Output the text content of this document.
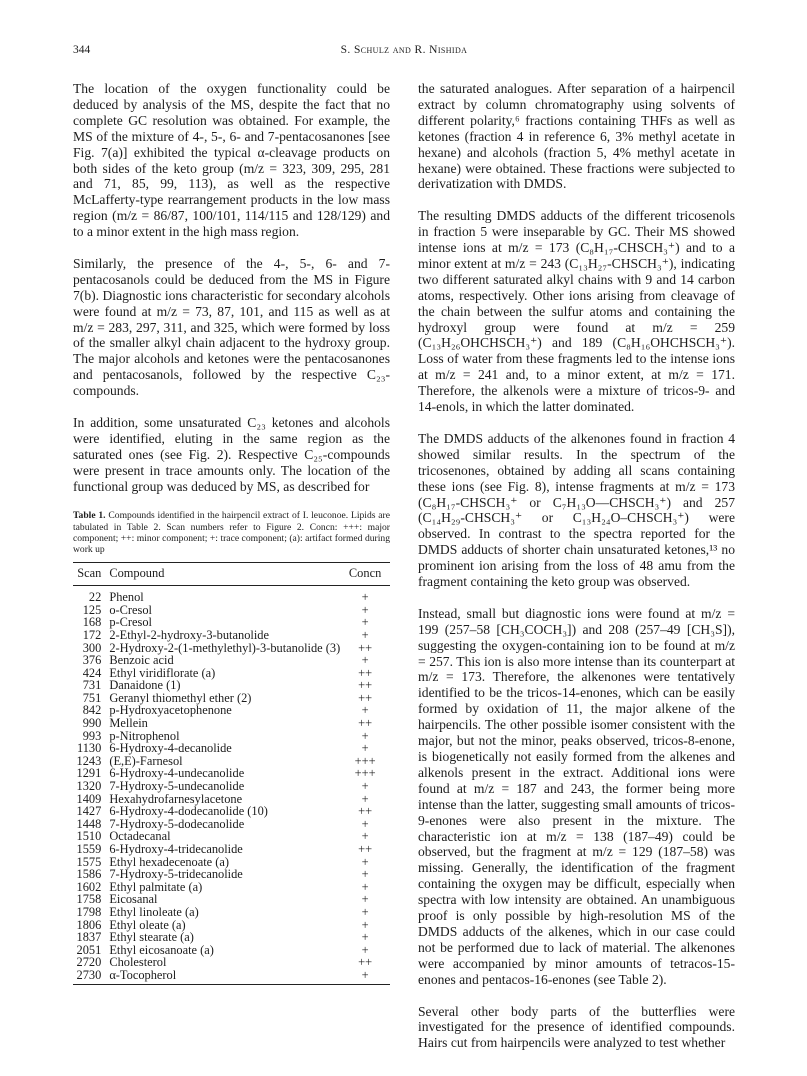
344	S. Schulz and R. Nishida

The location of the oxygen functionality could be deduced by analysis of the MS, despite the fact that no complete GC resolution was obtained. For example, the MS of the mixture of 4-, 5-, 6- and 7-pentacosanones [see Fig. 7(a)] exhibited the typical α-cleavage products on both sides of the keto group (m/z = 323, 309, 295, 281 and 71, 85, 99, 113), as well as the respective McLafferty-type rearrangement products in the low mass region (m/z = 86/87, 100/101, 114/115 and 128/129) and to a minor extent in the high mass region.

Similarly, the presence of the 4-, 5-, 6- and 7-pentacosanols could be deduced from the MS in Figure 7(b). Diagnostic ions characteristic for secondary alcohols were found at m/z = 73, 87, 101, and 115 as well as at m/z = 283, 297, 311, and 325, which were formed by loss of the smaller alkyl chain adjacent to the hydroxy group. The major alcohols and ketones were the pentacosanones and pentacosanols, followed by the respective C₂₃-compounds.

In addition, some unsaturated C₂₃ ketones and alcohols were identified, eluting in the same region as the saturated ones (see Fig. 2). Respective C₂₅-compounds were present in trace amounts only. The location of the functional group was deduced by MS, as described for

Table 1. Compounds identified in the hairpencil extract of I. leuconoe. Lipids are tabulated in Table 2. Scan numbers refer to Figure 2. Concn: +++: major component; ++: minor component; +: trace component; (a): artifact formed during work up
Scan	Compound	Concn
22	Phenol	+
125	o-Cresol	+
168	p-Cresol	+
172	2-Ethyl-2-hydroxy-3-butanolide	+
300	2-Hydroxy-2-(1-methylethyl)-3-butanolide (3)	++
376	Benzoic acid	+
424	Ethyl viridiflorate (a)	++
731	Danaidone (1)	++
751	Geranyl thiomethyl ether (2)	++
842	p-Hydroxyacetophenone	+
990	Mellein	++
993	p-Nitrophenol	+
1130	6-Hydroxy-4-decanolide	+
1243	(E,E)-Farnesol	+++
1291	6-Hydroxy-4-undecanolide	+++
1320	7-Hydroxy-5-undecanolide	+
1409	Hexahydrofarnesylacetone	+
1427	6-Hydroxy-4-dodecanolide (10)	++
1448	7-Hydroxy-5-dodecanolide	+
1510	Octadecanal	+
1559	6-Hydroxy-4-tridecanolide	++
1575	Ethyl hexadecenoate (a)	+
1586	7-Hydroxy-5-tridecanolide	+
1602	Ethyl palmitate (a)	+
1758	Eicosanal	+
1798	Ethyl linoleate (a)	+
1806	Ethyl oleate (a)	+
1837	Ethyl stearate (a)	+
2051	Ethyl eicosanoate (a)	+
2720	Cholesterol	++
2730	α-Tocopherol	+

the saturated analogues. After separation of a hairpencil extract by column chromatography using solvents of different polarity,⁶ fractions containing THFs as well as ketones (fraction 4 in reference 6, 3% methyl acetate in hexane) and alcohols (fraction 5, 4% methyl acetate in hexane) were obtained. These fractions were subjected to derivatization with DMDS.

The resulting DMDS adducts of the different tricosenols in fraction 5 were inseparable by GC. Their MS showed intense ions at m/z = 173 (C₈H₁₇-CHSCH₃⁺) and to a minor extent at m/z = 243 (C₁₃H₂₇-CHSCH₃⁺), indicating two different saturated alkyl chains with 9 and 14 carbon atoms, respectively. Other ions arising from cleavage of the chain between the sulfur atoms and containing the hydroxyl group were found at m/z = 259 (C₁₃H₂₆OHCHSCH₃⁺) and 189 (C₈H₁₆OHCHSCH₃⁺). Loss of water from these fragments led to the intense ions at m/z = 241 and, to a minor extent, at m/z = 171. Therefore, the alkenols were a mixture of tricos-9- and 14-enols, in which the latter dominated.

The DMDS adducts of the alkenones found in fraction 4 showed similar results. In the spectrum of the tricosenones, obtained by adding all scans containing these ions (see Fig. 8), intense fragments at m/z = 173 (C₈H₁₇-CHSCH₃⁺ or C₇H₁₃O—CHSCH₃⁺) and 257 (C₁₄H₂₉-CHSCH₃⁺ or C₁₃H₂₄O–CHSCH₃⁺) were observed. In contrast to the spectra reported for the DMDS adducts of shorter chain unsaturated ketones,¹³ no prominent ion arising from the loss of 48 amu from the fragment containing the keto group was observed.

Instead, small but diagnostic ions were found at m/z = 199 (257–58 [CH₃COCH₃]) and 208 (257–49 [CH₃S]), suggesting the oxygen-containing ion to be found at m/z = 257. This ion is also more intense than its counterpart at m/z = 173. Therefore, the alkenones were tentatively identified to be the tricos-14-enones, which can be easily formed by oxidation of 11, the major alkene of the hairpencils. The other possible isomer consistent with the major, but not the minor, peaks observed, tricos-8-enone, is biogenetically not easily formed from the alkenes and alkenols present in the extract. Additional ions were found at m/z = 187 and 243, the former being more intense than the latter, suggesting small amounts of tricos-9-enones were also present in the mixture. The characteristic ion at m/z = 138 (187–49) could be observed, but the fragment at m/z = 129 (187–58) was missing. Generally, the identification of the fragment containing the oxygen may be difficult, especially when spectra with low intensity are obtained. An unambiguous proof is only possible by high-resolution MS of the DMDS adducts of the alkenes, which in our case could not be performed due to lack of material. The alkenones were accompanied by minor amounts of tetracos-15-enones and pentacos-16-enones (see Table 2).

Several other body parts of the butterflies were investigated for the presence of identified compounds. Hairs cut from hairpencils were analyzed to test whether
